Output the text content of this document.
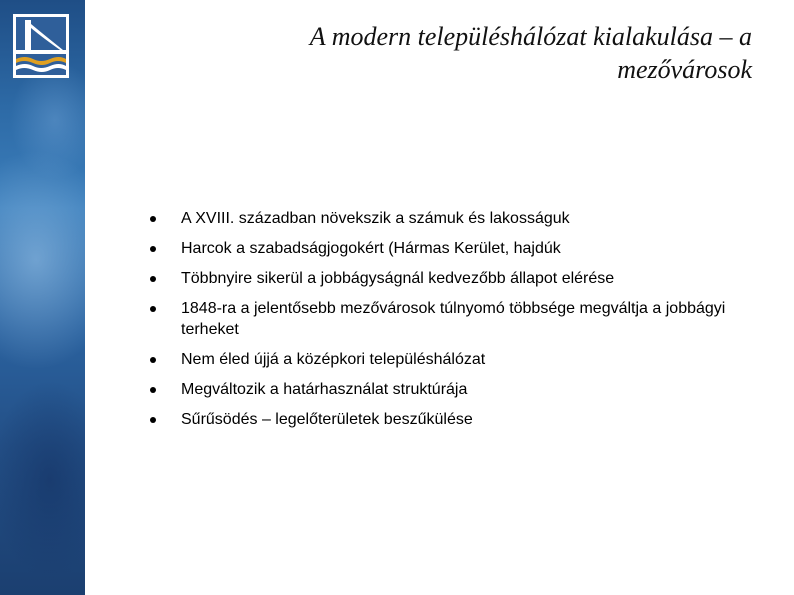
A modern településhálózat kialakulása – a mezővárosok
A XVIII. században növekszik a számuk és lakosságuk
Harcok a szabadságjogokért (Hármas Kerület, hajdúk
Többnyire sikerül a jobbágyságnál kedvezőbb állapot elérése
1848-ra a jelentősebb mezővárosok túlnyomó többsége megváltja a jobbágyi terheket
Nem éled újjá a középkori településhálózat
Megváltozik a határhasználat struktúrája
Sűrűsödés – legelőterületek beszűkülése
